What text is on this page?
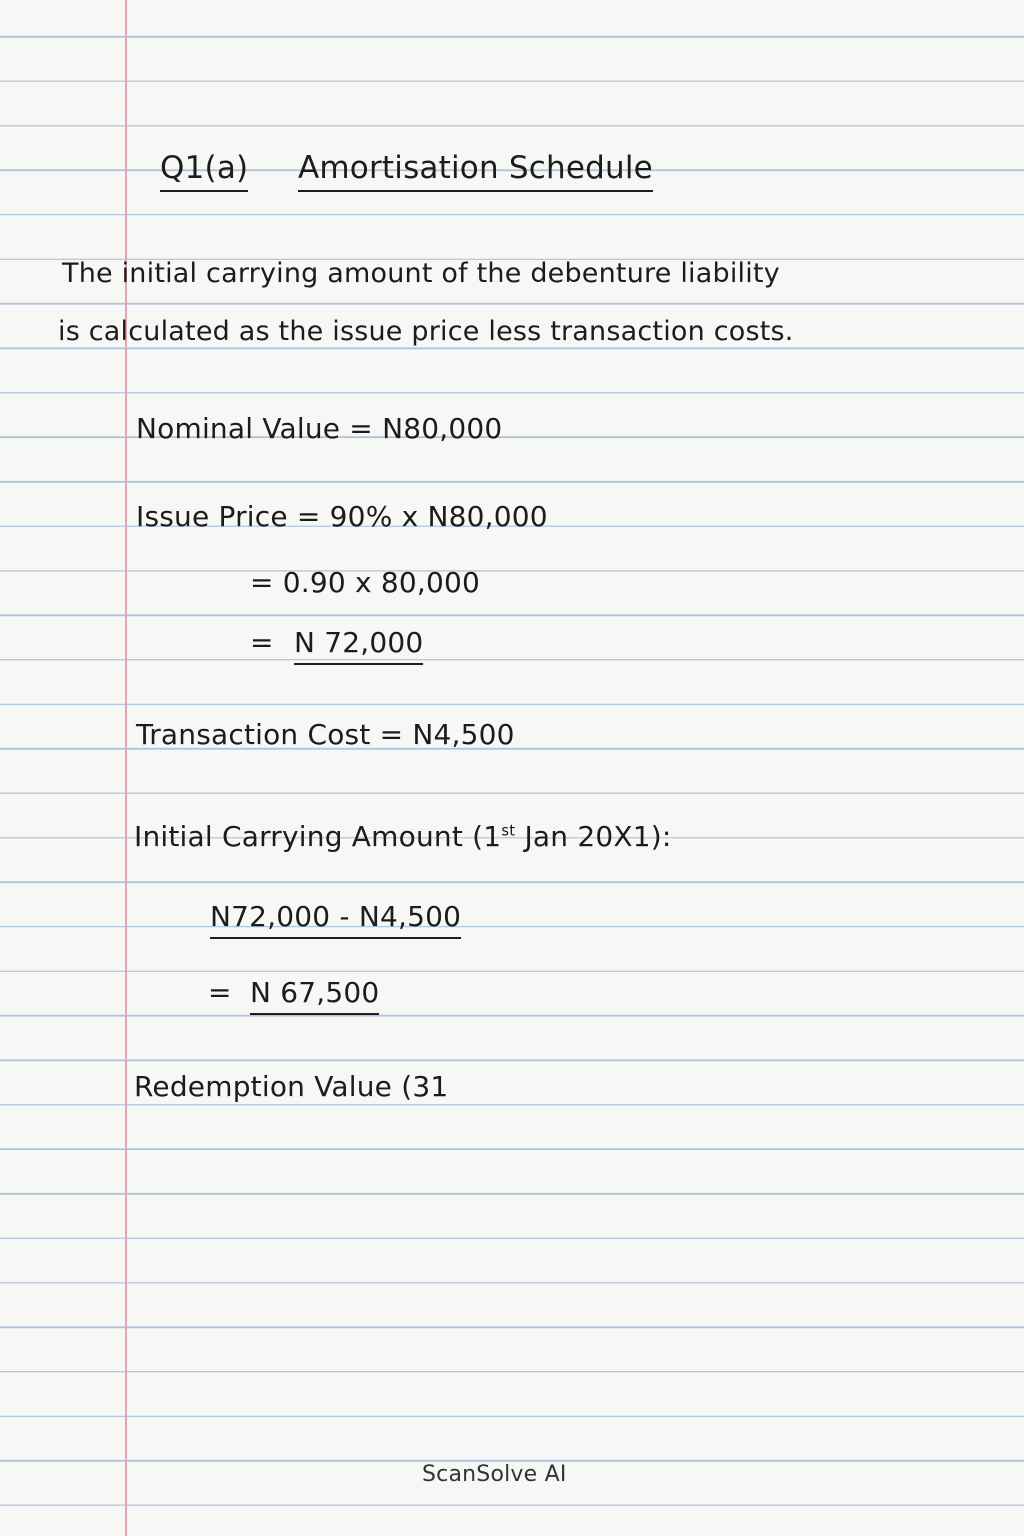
Q1(a) Amortisation Schedule
The initial carrying amount of the debenture liability
is calculated as the issue price less transaction costs.
Nominal Value = N80,000
Issue Price = 90% x N80,000
= 0.90 x 80,000
= N 72,000
Transaction Cost = N4,500
Initial Carrying Amount (1st Jan 20X1):
N72,000 - N4,500
= N 67,500
Redemption Value (31
ScanSolve AI
